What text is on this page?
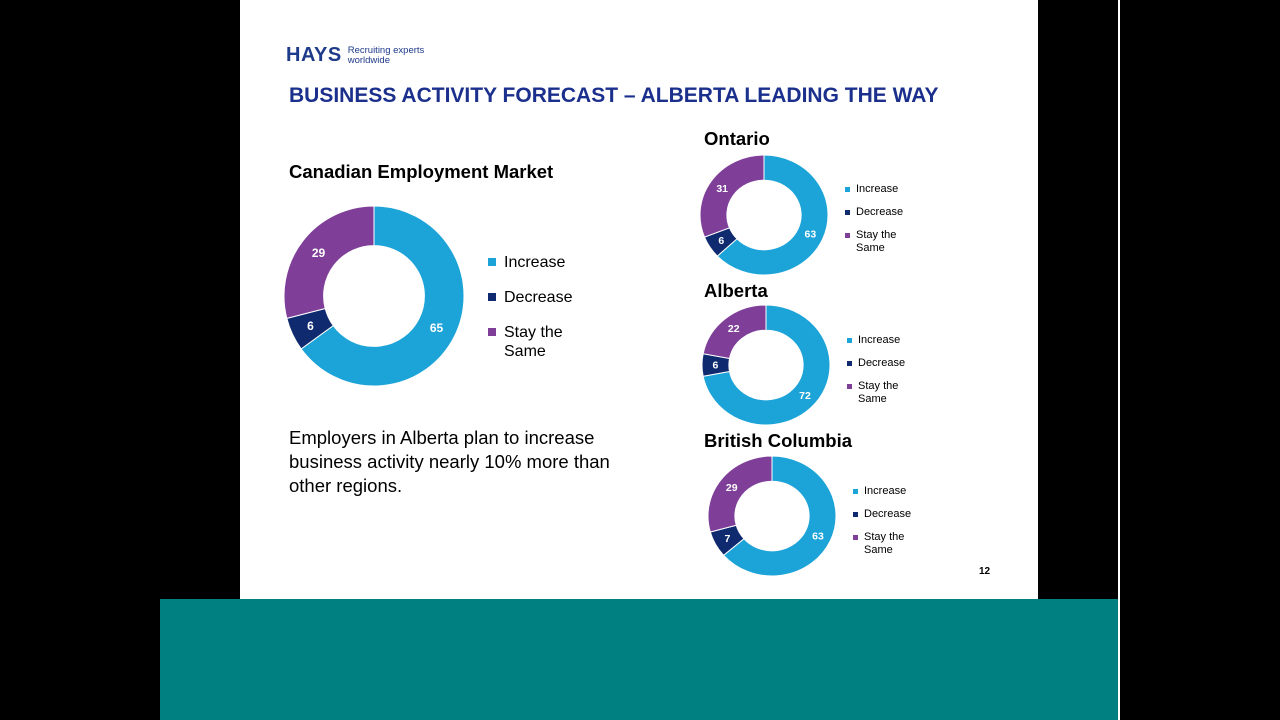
HAYS Recruiting experts
worldwide
BUSINESS ACTIVITY FORECAST – ALBERTA LEADING THE WAY
Canadian Employment Market
65
6
29
Increase
Decrease
Stay the
Same
Ontario
63
6
31	Increase
Decrease
Stay the
Same
Alberta
72
6
22
Increase
Decrease
Stay the
Same
British Columbia
63
7
29	Increase
Decrease
Stay the
Same
Employers in Alberta plan to increase business activity nearly 10% more than other regions.
12
